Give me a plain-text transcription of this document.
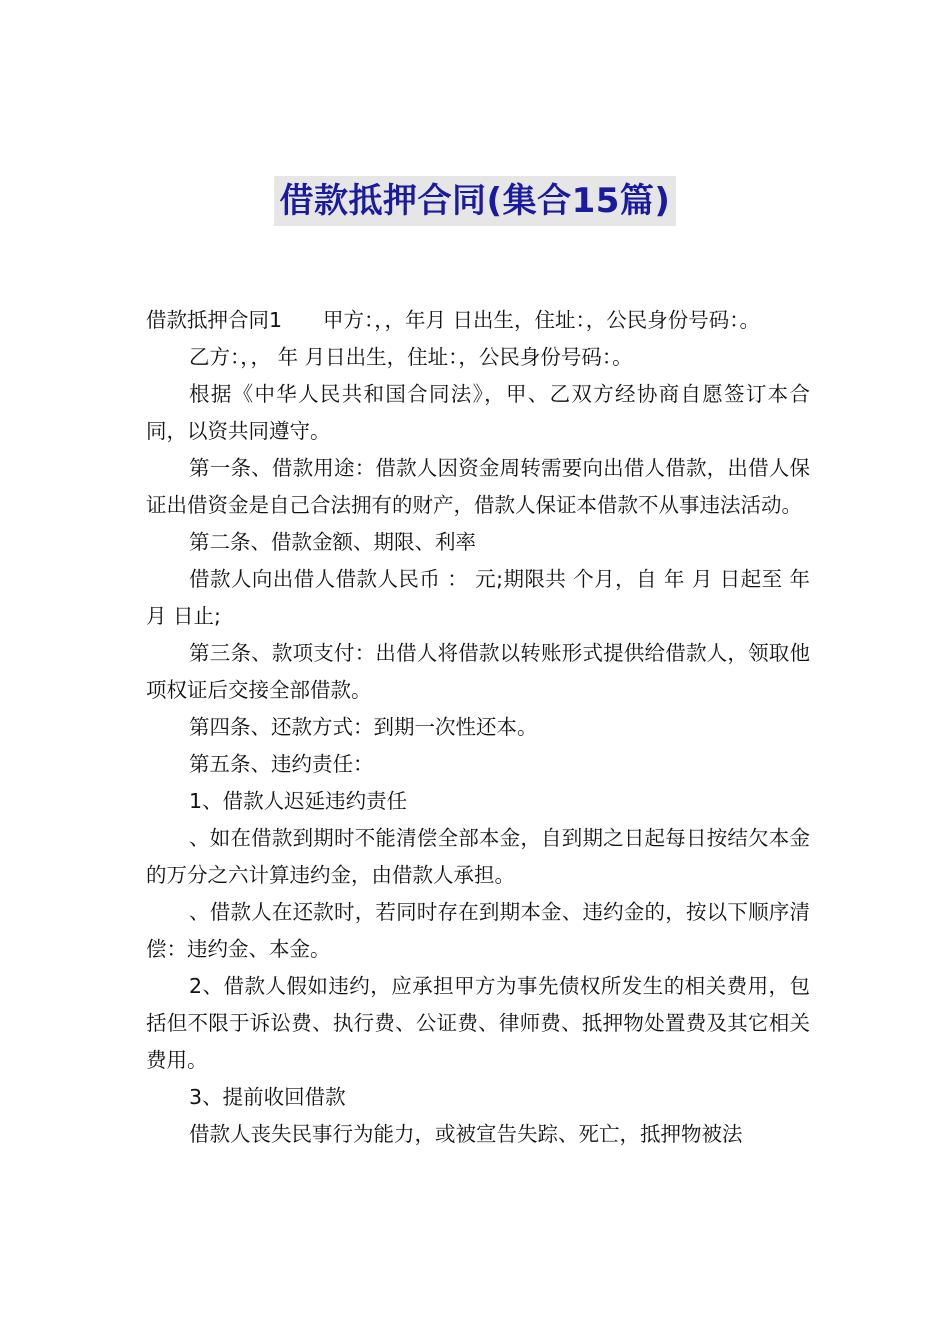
借款抵押合同(集合15篇)

借款抵押合同1　　甲方：，，年月 日出生，住址：，公民身份号码：。

乙方：，， 年 月日出生，住址：，公民身份号码：。

根据《中华人民共和国合同法》，甲、乙双方经协商自愿签订本合同，以资共同遵守。

第一条、借款用途：借款人因资金周转需要向出借人借款，出借人保证出借资金是自己合法拥有的财产，借款人保证本借款不从事违法活动。

第二条、借款金额、期限、利率

借款人向出借人借款人民币 ： 元;期限共 个月，自 年 月 日起至 年 月 日止;

第三条、款项支付：出借人将借款以转账形式提供给借款人，领取他项权证后交接全部借款。

第四条、还款方式：到期一次性还本。

第五条、违约责任：

1、借款人迟延违约责任

、如在借款到期时不能清偿全部本金，自到期之日起每日按结欠本金的万分之六计算违约金，由借款人承担。

、借款人在还款时，若同时存在到期本金、违约金的，按以下顺序清偿：违约金、本金。

2、借款人假如违约，应承担甲方为事先债权所发生的相关费用，包括但不限于诉讼费、执行费、公证费、律师费、抵押物处置费及其它相关费用。

3、提前收回借款

借款人丧失民事行为能力，或被宣告失踪、死亡，抵押物被法
